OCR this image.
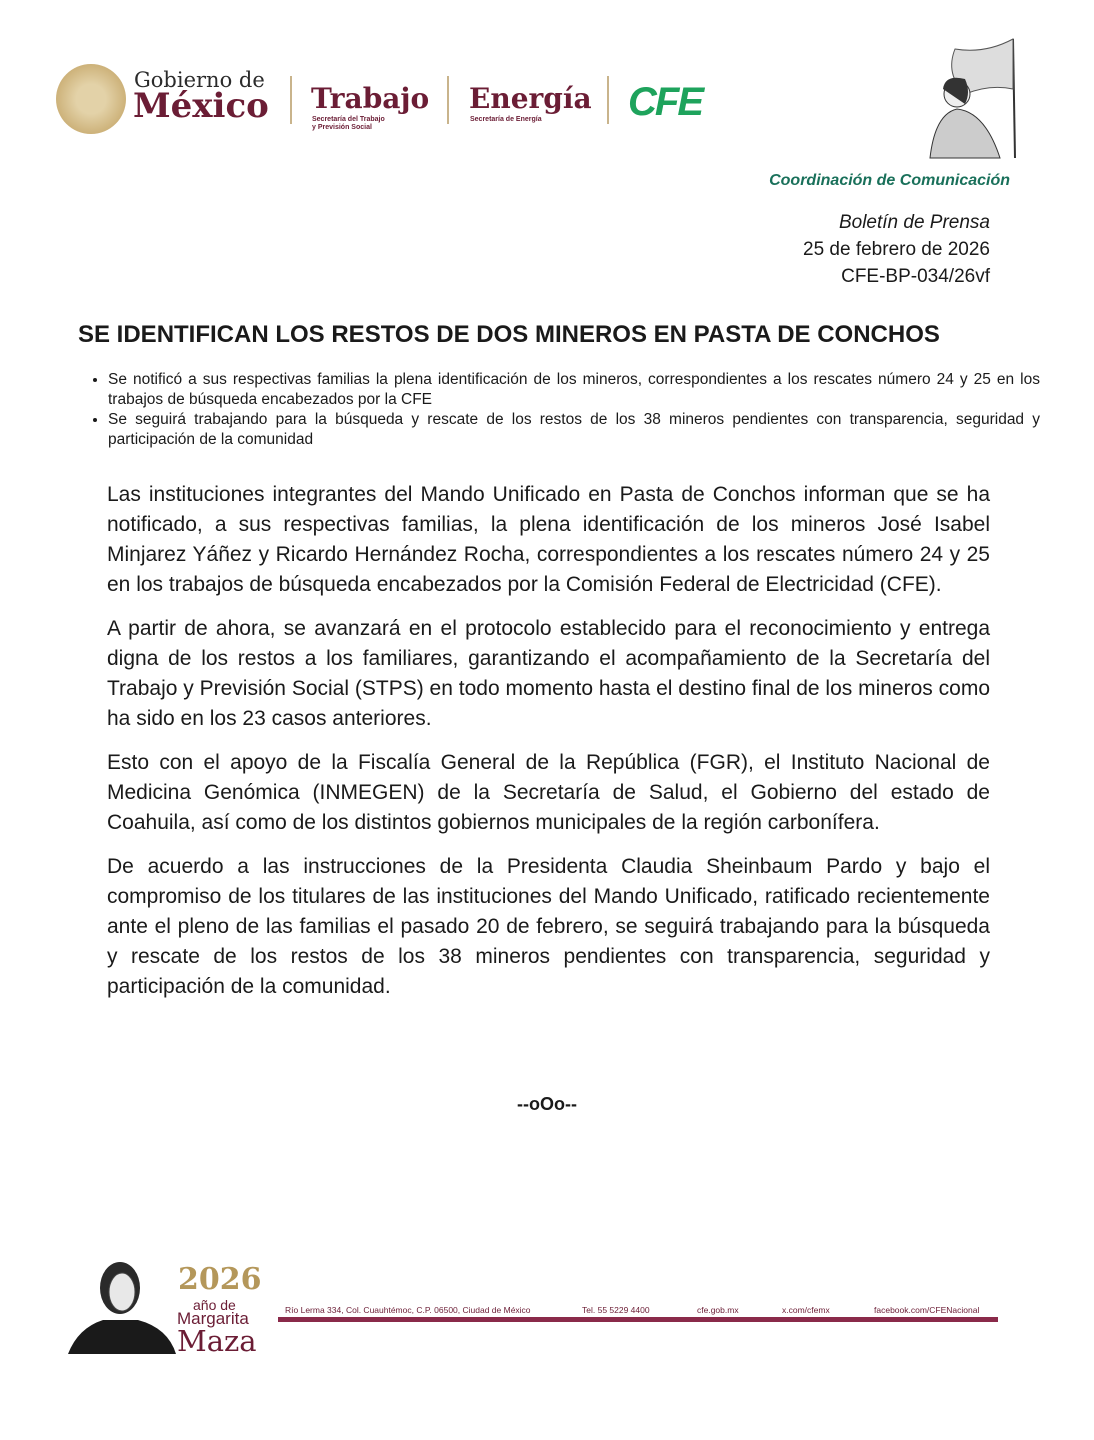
Gobierno de
México Trabajo
Secretaría del Trabajo
y Previsión Social
Energía
Secretaría de Energía CFE
Coordinación de Comunicación
Boletín de Prensa
25 de febrero de 2026
CFE-BP-034/26vf
SE IDENTIFICAN LOS RESTOS DE DOS MINEROS EN PASTA DE CONCHOS
• Se notificó a sus respectivas familias la plena identificación de los mineros, correspondientes a los rescates número 24 y 25 en los trabajos de búsqueda encabezados por la CFE
• Se seguirá trabajando para la búsqueda y rescate de los restos de los 38 mineros pendientes con transparencia, seguridad y participación de la comunidad

Las instituciones integrantes del Mando Unificado en Pasta de Conchos informan que se ha notificado, a sus respectivas familias, la plena identificación de los mineros José Isabel Minjarez Yáñez y Ricardo Hernández Rocha, correspondientes a los rescates número 24 y 25 en los trabajos de búsqueda encabezados por la Comisión Federal de Electricidad (CFE).

A partir de ahora, se avanzará en el protocolo establecido para el reconocimiento y entrega digna de los restos a los familiares, garantizando el acompañamiento de la Secretaría del Trabajo y Previsión Social (STPS) en todo momento hasta el destino final de los mineros como ha sido en los 23 casos anteriores.

Esto con el apoyo de la Fiscalía General de la República (FGR), el Instituto Nacional de Medicina Genómica (INMEGEN) de la Secretaría de Salud, el Gobierno del estado de Coahuila, así como de los distintos gobiernos municipales de la región carbonífera.

De acuerdo a las instrucciones de la Presidenta Claudia Sheinbaum Pardo y bajo el compromiso de los titulares de las instituciones del Mando Unificado, ratificado recientemente ante el pleno de las familias el pasado 20 de febrero, se seguirá trabajando para la búsqueda y rescate de los restos de los 38 mineros pendientes con transparencia, seguridad y participación de la comunidad.

--oOo--
2026
año de
Margarita
Maza
Río Lerma 334, Col. Cuauhtémoc, C.P. 06500, Ciudad de México	Tel. 55 5229 4400	cfe.gob.mx	x.com/cfemx	facebook.com/CFENacional
